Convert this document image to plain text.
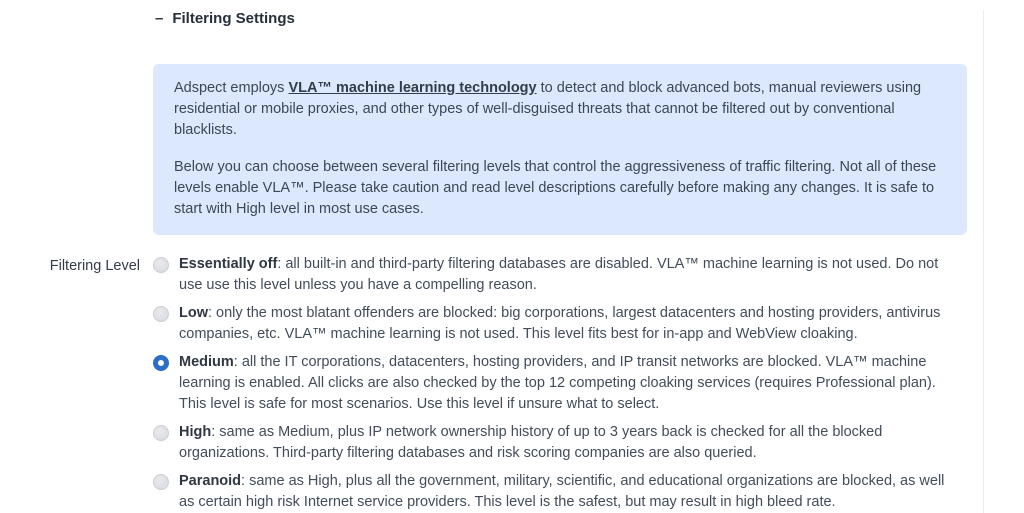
– Filtering Settings

Adspect employs VLA™ machine learning technology to detect and block advanced bots, manual reviewers using residential or mobile proxies, and other types of well-disguised threats that cannot be filtered out by conventional blacklists.

Below you can choose between several filtering levels that control the aggressiveness of traffic filtering. Not all of these levels enable VLA™. Please take caution and read level descriptions carefully before making any changes. It is safe to start with High level in most use cases.

Filtering Level	Essentially off: all built-in and third-party filtering databases are disabled. VLA™ machine learning is not used. Do not use use this level unless you have a compelling reason.
Low: only the most blatant offenders are blocked: big corporations, largest datacenters and hosting providers, antivirus companies, etc. VLA™ machine learning is not used. This level fits best for in-app and WebView cloaking.
Medium: all the IT corporations, datacenters, hosting providers, and IP transit networks are blocked. VLA™ machine learning is enabled. All clicks are also checked by the top 12 competing cloaking services (requires Professional plan). This level is safe for most scenarios. Use this level if unsure what to select.
High: same as Medium, plus IP network ownership history of up to 3 years back is checked for all the blocked organizations. Third-party filtering databases and risk scoring companies are also queried.
Paranoid: same as High, plus all the government, military, scientific, and educational organizations are blocked, as well as certain high risk Internet service providers. This level is the safest, but may result in high bleed rate.
